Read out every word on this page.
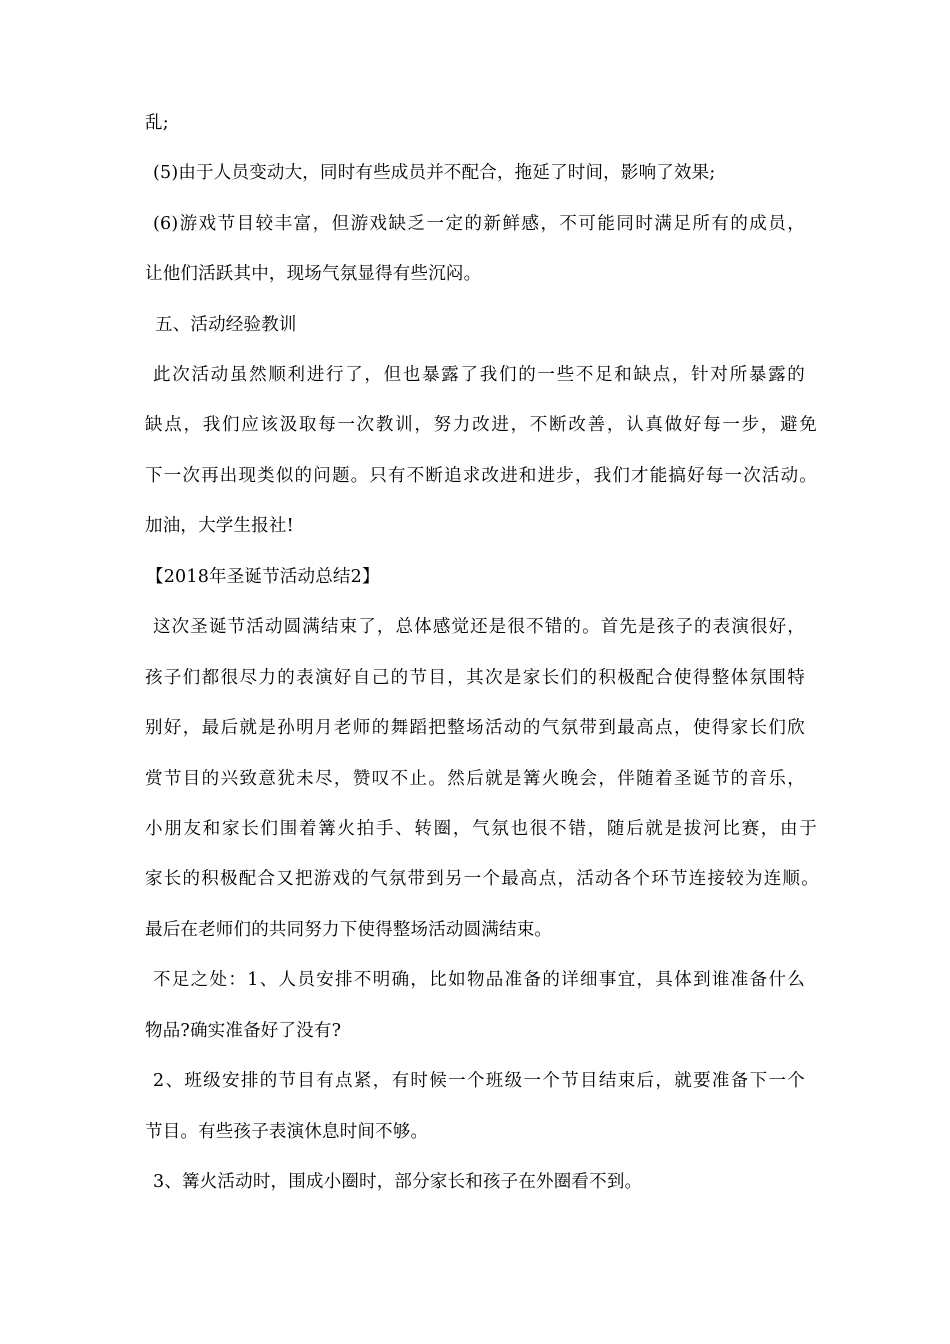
乱;
(5)由于人员变动大，同时有些成员并不配合，拖延了时间，影响了效果;
(6)游戏节目较丰富，但游戏缺乏一定的新鲜感，不可能同时满足所有的成员，
让他们活跃其中，现场气氛显得有些沉闷。
五、活动经验教训
此次活动虽然顺利进行了，但也暴露了我们的一些不足和缺点，针对所暴露的
缺点，我们应该汲取每一次教训，努力改进，不断改善，认真做好每一步，避免
下一次再出现类似的问题。只有不断追求改进和进步，我们才能搞好每一次活动。
加油，大学生报社!
【2018年圣诞节活动总结2】
这次圣诞节活动圆满结束了，总体感觉还是很不错的。首先是孩子的表演很好，
孩子们都很尽力的表演好自己的节目，其次是家长们的积极配合使得整体氛围特
别好，最后就是孙明月老师的舞蹈把整场活动的气氛带到最高点，使得家长们欣
赏节目的兴致意犹未尽，赞叹不止。然后就是篝火晚会，伴随着圣诞节的音乐，
小朋友和家长们围着篝火拍手、转圈，气氛也很不错，随后就是拔河比赛，由于
家长的积极配合又把游戏的气氛带到另一个最高点，活动各个环节连接较为连顺。
最后在老师们的共同努力下使得整场活动圆满结束。
不足之处：1、人员安排不明确，比如物品准备的详细事宜，具体到谁准备什么
物品?确实准备好了没有?
2、班级安排的节目有点紧，有时候一个班级一个节目结束后，就要准备下一个
节目。有些孩子表演休息时间不够。
3、篝火活动时，围成小圈时，部分家长和孩子在外圈看不到。
